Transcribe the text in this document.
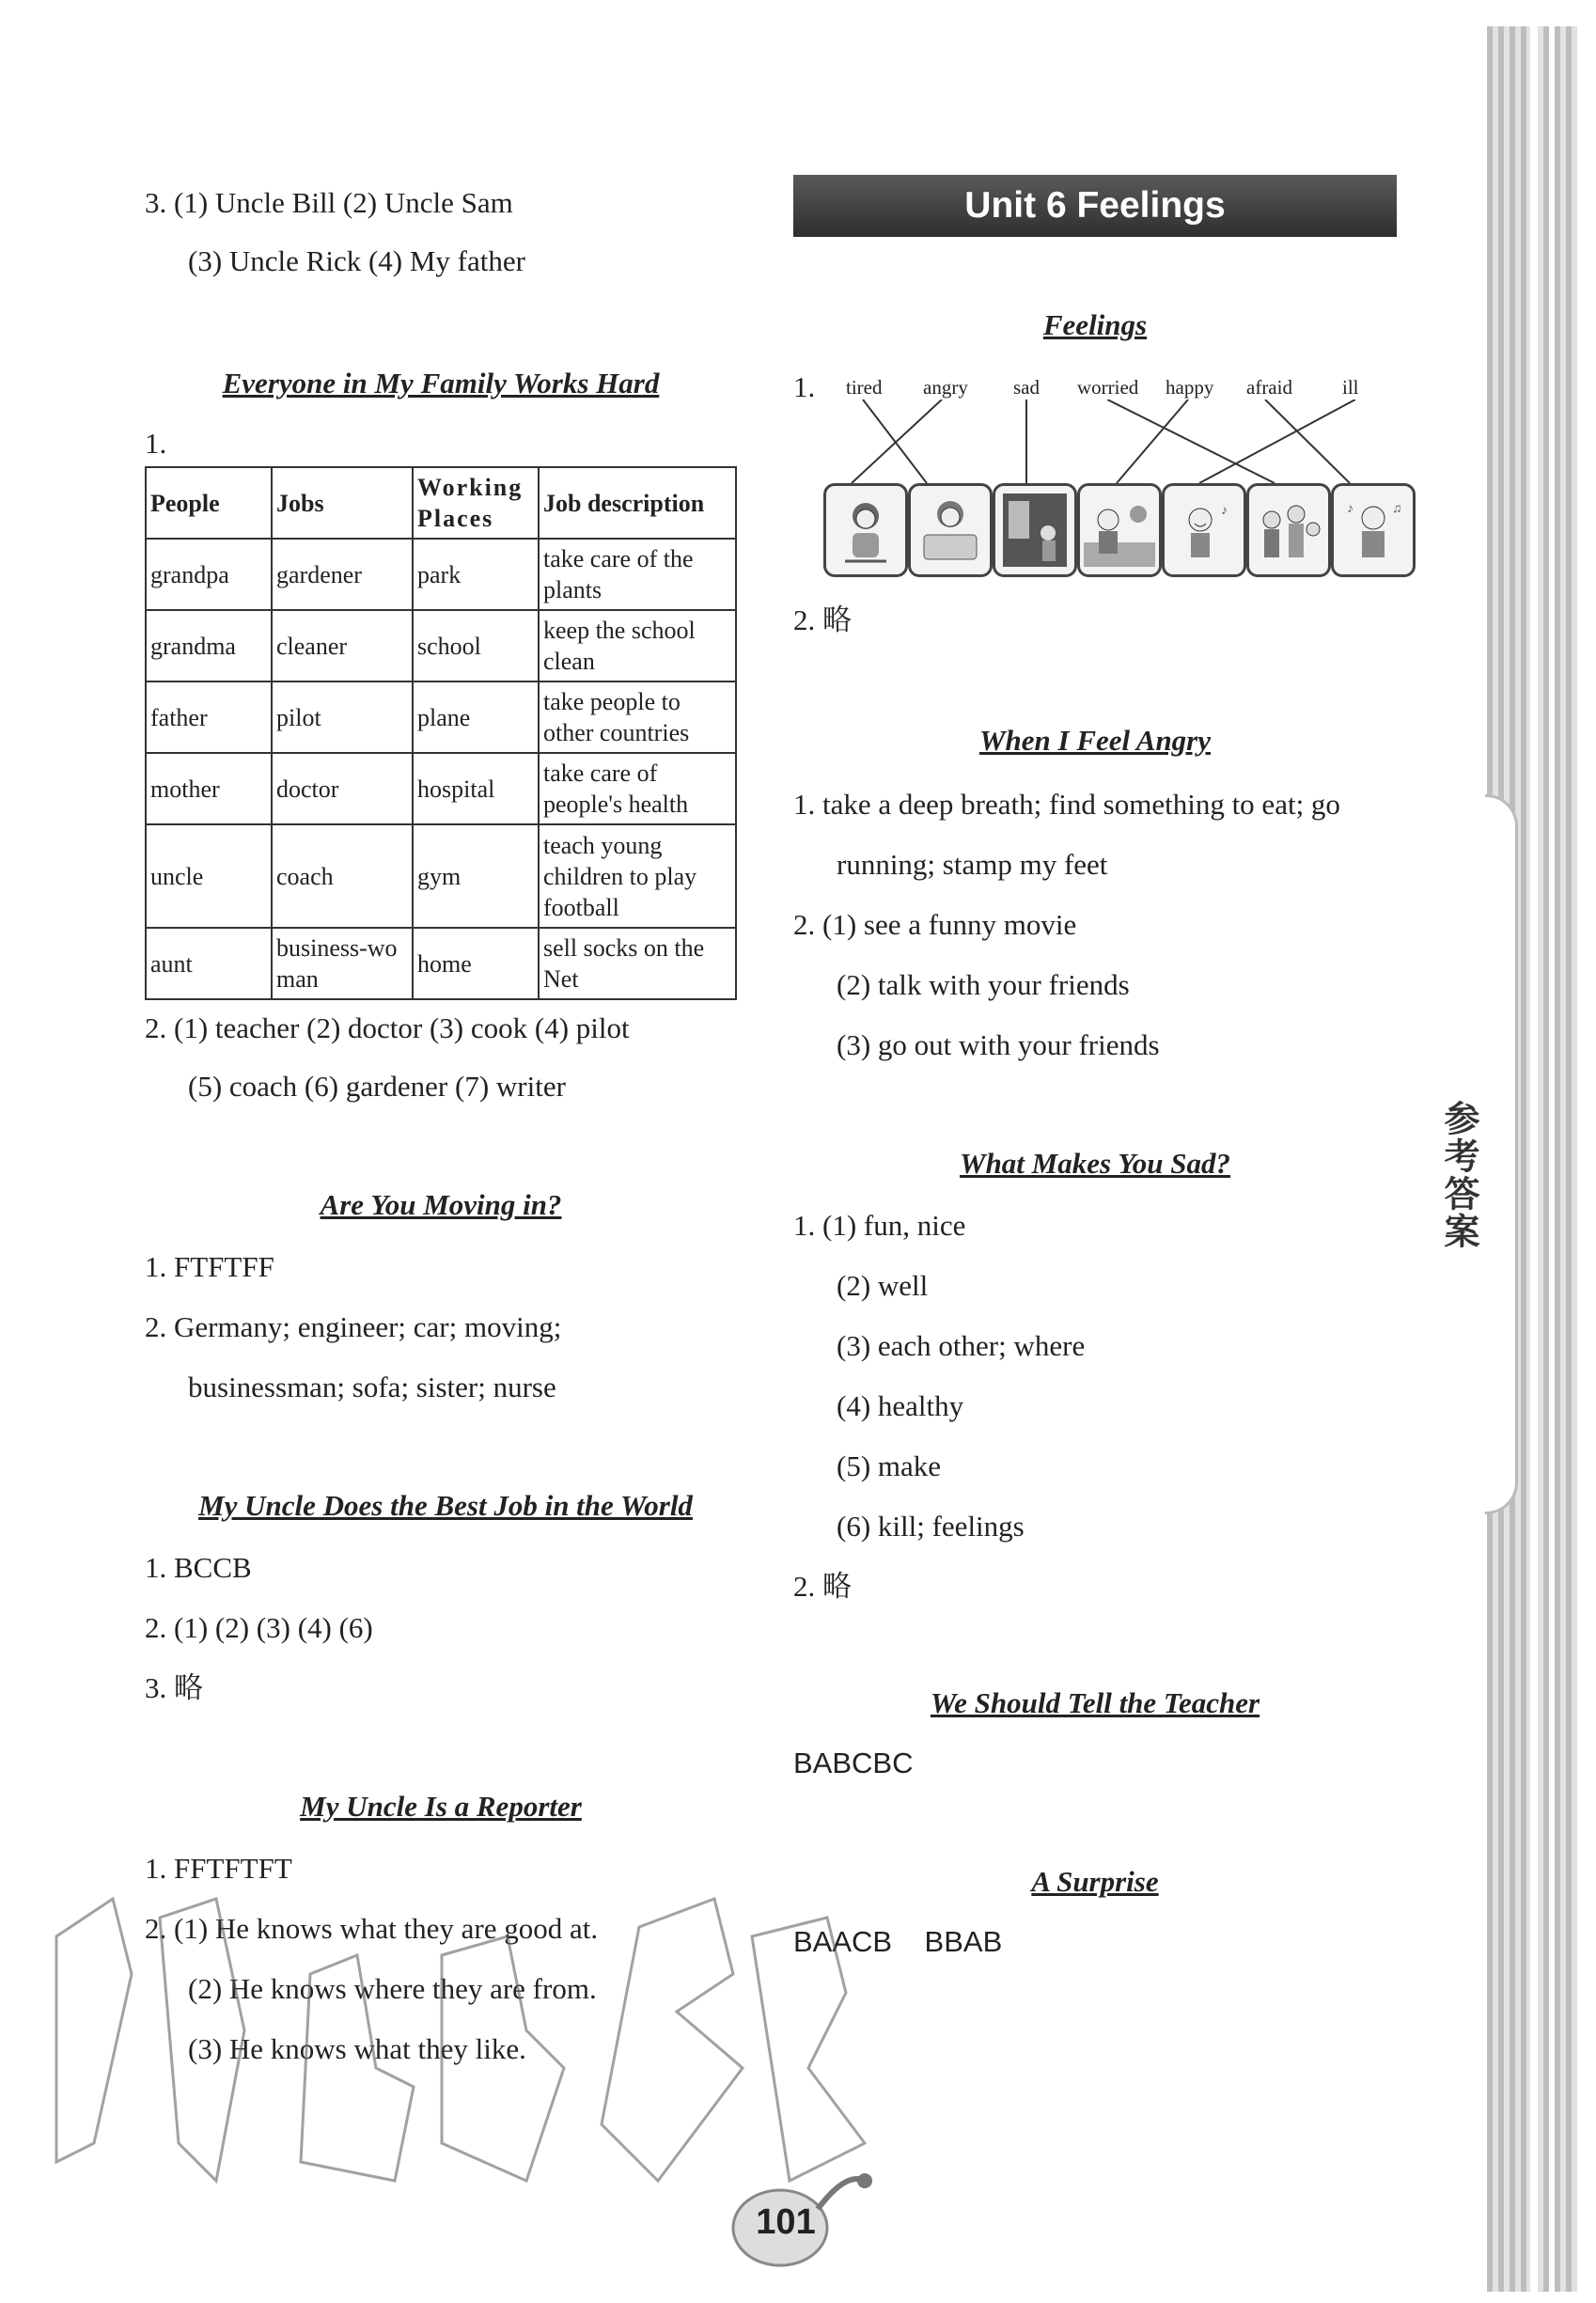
参考答案
3. (1) Uncle Bill (2) Uncle Sam
(3) Uncle Rick (4) My father
Everyone in My Family Works Hard
1.
People	Jobs	Working Places	Job description
grandpa	gardener	park	take care of the plants
grandma	cleaner	school	keep the school clean
father	pilot	plane	take people to other countries
mother	doctor	hospital	take care of people's health
uncle	coach	gym	teach young children to play football
aunt	business-woman	home	sell socks on the Net
2. (1) teacher (2) doctor (3) cook (4) pilot
(5) coach (6) gardener (7) writer
Are You Moving in?
1. FTFTFF
2. Germany; engineer; car; moving;
businessman; sofa; sister; nurse
My Uncle Does the Best Job in the World
1. BCCB
2. (1) (2) (3) (4) (6)
3. 略
My Uncle Is a Reporter
1. FFTFTFT
2. (1) He knows what they are good at.
(2) He knows where they are from.
(3) He knows what they like.
Unit 6 Feelings
Feelings
1. tired angry sad worried happy afraid	ill
♪	♪	♫
2. 略
When I Feel Angry
1. take a deep breath; find something to eat; go
running; stamp my feet
2. (1) see a funny movie
(2) talk with your friends
(3) go out with your friends
What Makes You Sad?
1. (1) fun, nice
(2) well
(3) each other; where
(4) healthy
(5) make
(6) kill; feelings
2. 略
We Should Tell the Teacher
BABCBC
A Surprise
BAACB    BBAB
101
